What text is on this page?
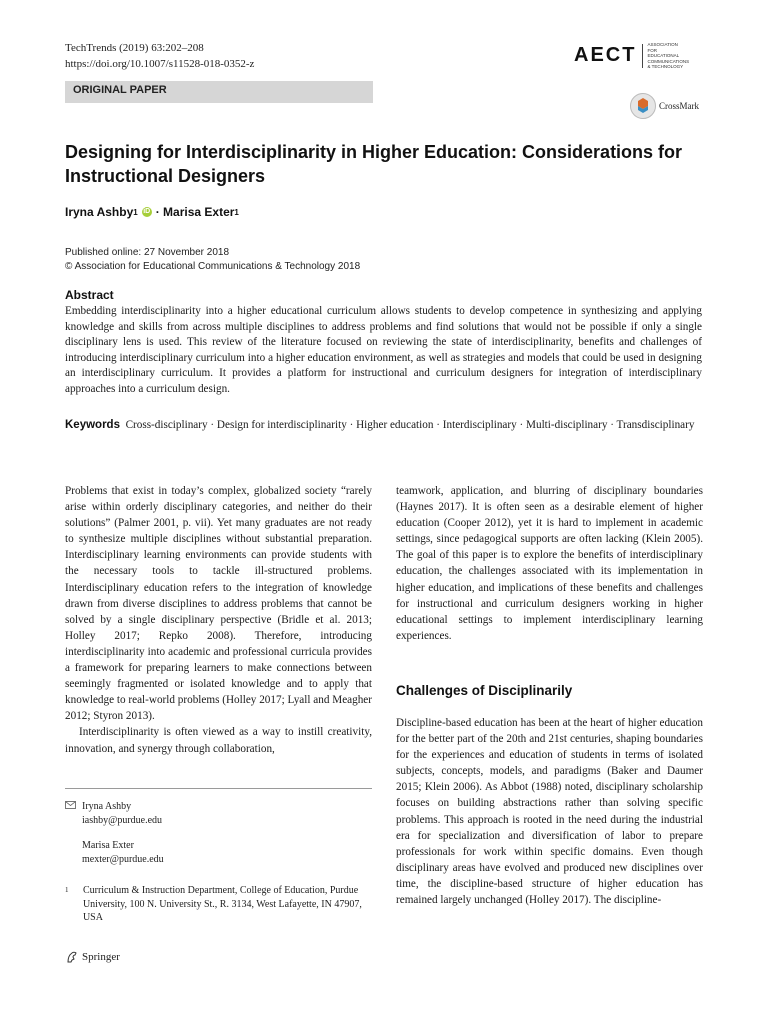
TechTrends (2019) 63:202–208
https://doi.org/10.1007/s11528-018-0352-z	AECT ASSOCIATION FOR EDUCATIONAL COMMUNICATIONS & TECHNOLOGY
ORIGINAL PAPER
CrossMark
Designing for Interdisciplinarity in Higher Education: Considerations for Instructional Designers
Iryna Ashby 1 iD ·
Marisa Exter 1
Published online: 27 November 2018
© Association for Educational Communications & Technology 2018
Abstract
Embedding interdisciplinarity into a higher educational curriculum allows students to develop competence in synthesizing and applying knowledge and skills from across multiple disciplines to address problems and find solutions that would not be possible if only a single disciplinary lens is used. This review of the literature focused on reviewing the state of interdisciplinarity, benefits and challenges of introducing interdisciplinary curriculum into a higher education environment, as well as strategies and models that could be used in designing an interdisciplinary curriculum. It provides a platform for instructional and curriculum designers for integration of interdisciplinary approaches into a curriculum design.
Keywords Cross-disciplinary · Design for interdisciplinarity · Higher education · Interdisciplinary · Multi-disciplinary · Transdisciplinary

Problems that exist in today’s complex, globalized society “rarely arise within orderly disciplinary categories, and neither do their solutions” (Palmer 2001, p. vii). Yet many graduates are not ready to synthesize multiple disciplines without substantial preparation. Interdisciplinary learning environments can provide students with the necessary tools to tackle ill-structured problems. Interdisciplinary education refers to the integration of knowledge drawn from diverse disciplines to address problems that cannot be solved by a single disciplinary perspective (Bridle et al. 2013; Holley 2017; Repko 2008). Therefore, introducing interdisciplinarity into academic and professional curricula provides a framework for preparing learners to make connections between seemingly fragmented or isolated knowledge and to apply that knowledge to real-world problems (Holley 2017; Lyall and Meagher 2012; Styron 2013).

Interdisciplinarity is often viewed as a way to instill creativity, innovation, and synergy through collaboration,

teamwork, application, and blurring of disciplinary boundaries (Haynes 2017). It is often seen as a desirable element of higher education (Cooper 2012), yet it is hard to implement in academic settings, since pedagogical supports are often lacking (Klein 2005). The goal of this paper is to explore the benefits of interdisciplinary education, the challenges associated with its implementation in higher education, and implications of these benefits and challenges for instructional and curriculum designers working in higher educational settings to implement interdisciplinary learning experiences.

Challenges of Disciplinarily

Discipline-based education has been at the heart of higher education for the better part of the 20th and 21st centuries, shaping boundaries for the experiences and education of students in terms of isolated subjects, concepts, models, and paradigms (Baker and Daumer 2015; Klein 2006). As Abbot (1988) noted, disciplinary scholarship focuses on building abstractions rather than solving specific problems. This approach is rooted in the need during the industrial era for specialization and diversification of labor to prepare professionals for work within specific domains. Even though disciplinary areas have evolved and produced new disciplines over time, the discipline-based structure of higher education has remained largely unchanged (Holley 2017). The discipline-

Iryna Ashby
iashby@purdue.edu
Marisa Exter
mexter@purdue.edu
1	Curriculum & Instruction Department, College of Education, Purdue University, 100 N. University St., R. 3134, West Lafayette, IN 47907, USA
Springer
